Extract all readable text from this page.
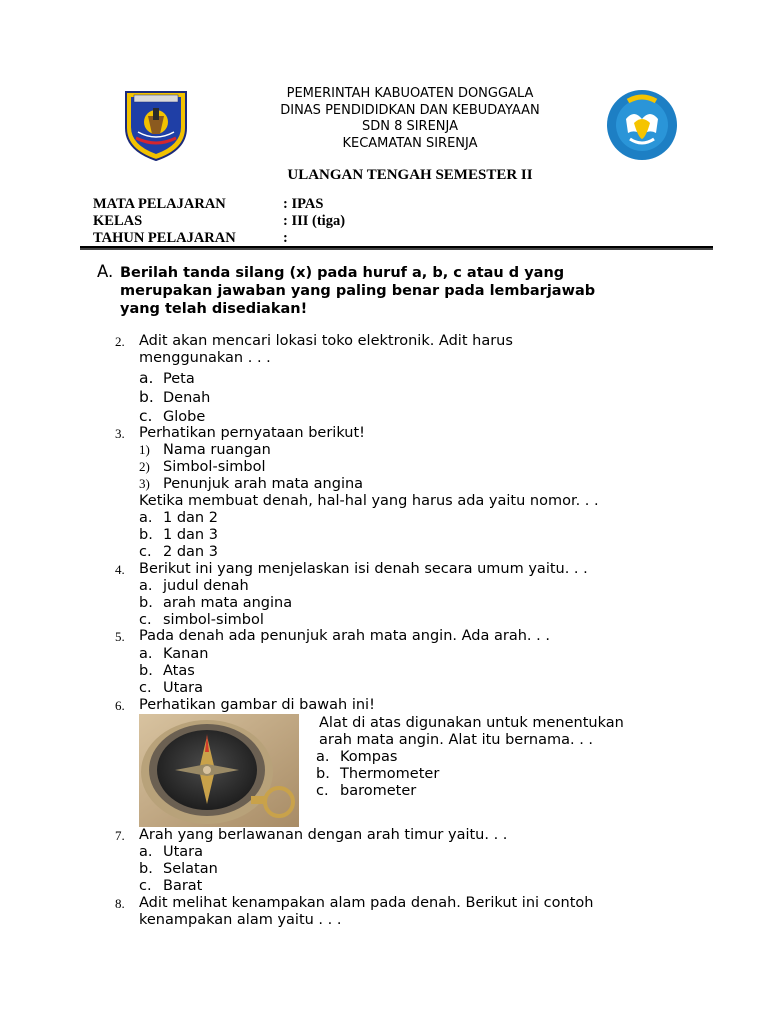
PEMERINTAH KABUOATEN DONGGALA
DINAS PENDIDIDKAN DAN KEBUDAYAAN
SDN 8 SIRENJA
KECAMATAN SIRENJA
ULANGAN TENGAH SEMESTER II
MATA PELAJARAN	: IPAS
KELAS	: III (tiga)
TAHUN PELAJARAN	:
A. Berilah tanda silang (x) pada huruf a, b, c atau d yang
merupakan jawaban yang paling benar pada lembarjawab
yang telah disediakan!
2. Adit akan mencari lokasi toko elektronik. Adit harus
menggunakan . . .
a. Peta
b. Denah
c. Globe
3. Perhatikan pernyataan berikut!
1) Nama ruangan
2) Simbol-simbol
3) Penunjuk arah mata angina
Ketika membuat denah, hal-hal yang harus ada yaitu nomor. . .
a. 1 dan 2
b. 1 dan 3
c. 2 dan 3
4. Berikut ini yang menjelaskan isi denah secara umum yaitu. . .
a. judul denah
b. arah mata angina
c. simbol-simbol
5. Pada denah ada penunjuk arah mata angin. Ada arah. . .
a. Kanan
b. Atas
c. Utara
6. Perhatikan gambar di bawah ini!
Alat di atas digunakan untuk menentukan
arah mata angin. Alat itu bernama. . .
a. Kompas
b. Thermometer
c. barometer
7. Arah yang berlawanan dengan arah timur yaitu. . .
a. Utara
b. Selatan
c. Barat
8. Adit melihat kenampakan alam pada denah. Berikut ini contoh
kenampakan alam yaitu . . .
